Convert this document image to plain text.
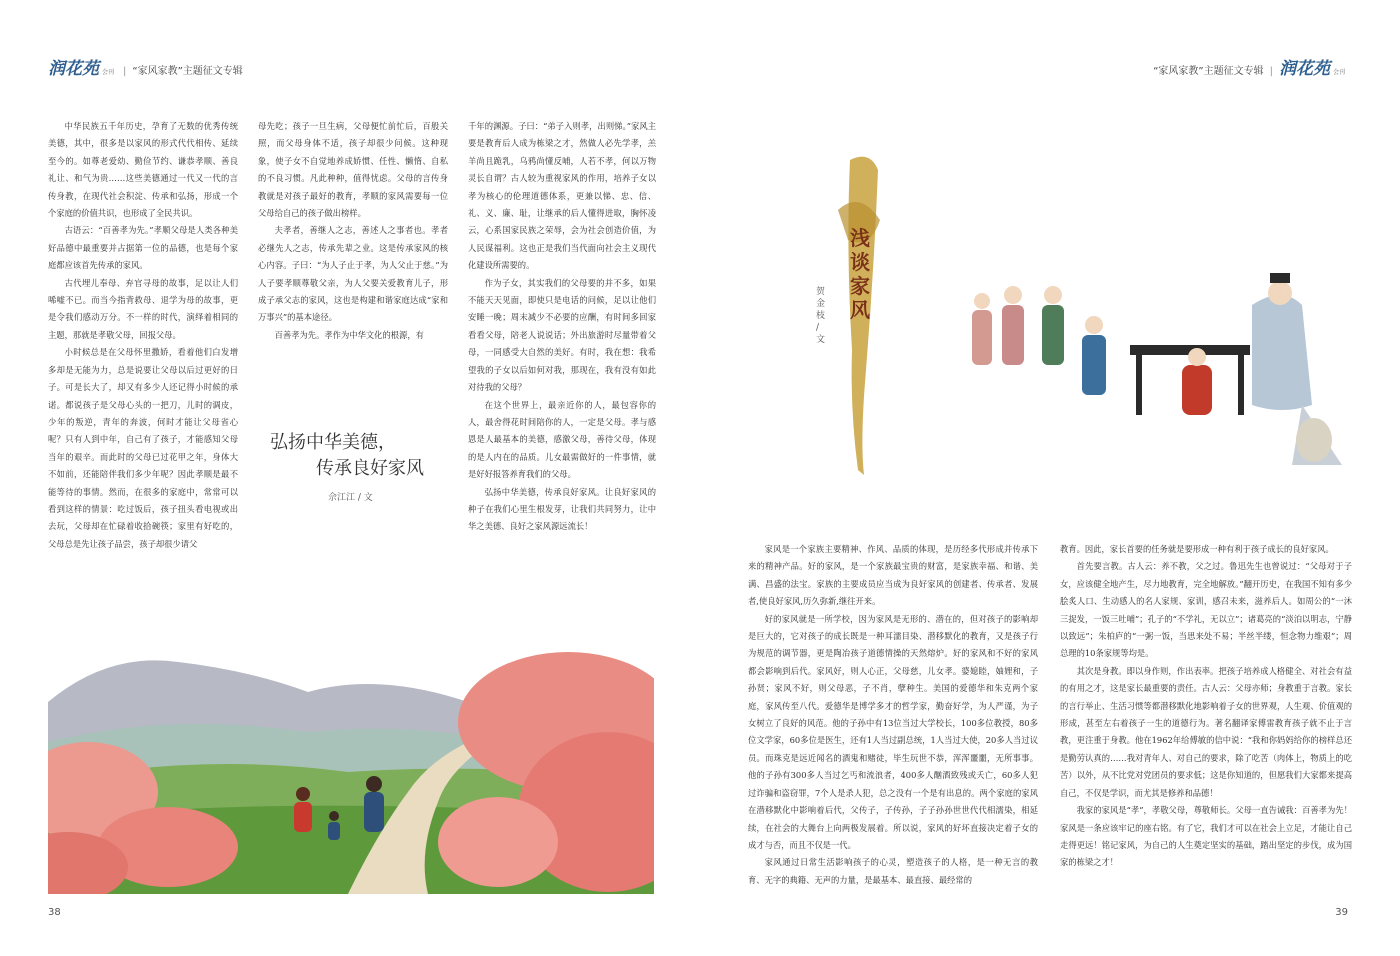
润花苑 会刊 | “家风家教”主题征文专辑	“家风家教”主题征文专辑 | 润花苑 会刊

中华民族五千年历史，孕育了无数的优秀传统美德，其中，很多是以家风的形式代代相传、延续至今的。如尊老爱幼、勤俭节约、谦恭孝顺、善良礼让、和气为贵……这些美德通过一代又一代的言传身教，在现代社会积淀、传承和弘扬，形成一个个家庭的价值共识，也形成了全民共识。

古语云：“百善孝为先。”孝顺父母是人类各种美好品德中最重要并占据第一位的品德，也是每个家庭都应该首先传承的家风。

古代埋儿奉母、弃官寻母的故事，足以让人们唏嘘不已。而当今指背救母、退学为母的故事，更是令我们感动万分。不一样的时代，演绎着相同的主题，那就是孝敬父母，回报父母。

小时候总是在父母怀里撒娇，看着他们白发增多却是无能为力，总是说要让父母以后过更好的日子。可是长大了，却又有多少人还记得小时候的承诺。都说孩子是父母心头的一把刀，儿时的调皮，少年的叛逆，青年的奔波，何时才能让父母省心呢？只有人到中年，自己有了孩子，才能感知父母当年的艰辛。而此时的父母已过花甲之年，身体大不如前，还能陪伴我们多少年呢？因此孝顺是最不能等待的事情。然而，在很多的家庭中，常常可以看到这样的情景：吃过饭后，孩子扭头看电视或出去玩，父母却在忙碌着收拾碗筷；家里有好吃的，父母总是先让孩子品尝，孩子却很少请父

母先吃；孩子一旦生病，父母便忙前忙后，百般关照，而父母身体不适，孩子却很少问候。这种现象，使子女不自觉地养成娇惯、任性、懒惰、自私的不良习惯。凡此种种，值得忧虑。父母的言传身教就是对孩子最好的教育，孝顺的家风需要每一位父母给自己的孩子做出榜样。

夫孝者，善继人之志，善述人之事者也。孝者必继先人之志，传承先辈之业。这是传承家风的核心内容。子曰：“为人子止于孝，为人父止于慈。”为人子要孝顺尊敬父亲，为人父要关爱教育儿子，形成子承父志的家风，这也是构建和谐家庭达成“家和万事兴”的基本途径。

百善孝为先。孝作为中华文化的根源，有

千年的渊源。子曰：“弟子入则孝，出则悌。”家风主要是教育后人成为栋梁之才，然做人必先学孝，羔羊尚且跪乳，乌鸦尚懂反哺，人若不孝，何以万物灵长自谓？古人较为重视家风的作用，培养子女以孝为核心的伦理道德体系，更兼以悌、忠、信、礼、义、廉、耻，让继承的后人懂得进取，胸怀凌云，心系国家民族之荣辱，会为社会创造价值，为人民谋福利。这也正是我们当代面向社会主义现代化建设所需要的。

作为子女，其实我们的父母要的并不多，如果不能天天见面，即使只是电话的问候，足以让他们安睡一晚；周末减少不必要的应酬，有时间多回家看看父母，陪老人说说话；外出旅游时尽量带着父母，一同感受大自然的美好。有时，我在想：我希望我的子女以后如何对我，那现在，我有没有如此对待我的父母？

在这个世界上，最亲近你的人，最包容你的人，最舍得花时间陪你的人，一定是父母。孝与感恩是人最基本的美德，感激父母，善待父母，体现的是人内在的品质。儿女最需做好的一件事情，就是好好报答养育我们的父母。

弘扬中华美德，传承良好家风。让良好家风的种子在我们心里生根发芽，让我们共同努力，让中华之美德、良好之家风源远流长！

弘扬中华美德，
传承良好家风
佘江江 / 文
浅谈家风
贺金枝 / 文

家风是一个家族主要精神、作风、品质的体现，是历经多代形成并传承下来的精神产品。好的家风，是一个家族最宝贵的财富，是家族幸福、和谐、美满、昌盛的法宝。家族的主要成员应当成为良好家风的创建者、传承者、发展者,使良好家风,历久弥新,继往开来。

好的家风就是一所学校，因为家风是无形的、潜在的，但对孩子的影响却是巨大的，它对孩子的成长既是一种耳濡目染、潜移默化的教育，又是孩子行为规范的调节器，更是陶冶孩子道德情操的天然熔炉。好的家风和不好的家风都会影响到后代。家风好，则人心正，父母慈，儿女孝。婆媳睦，妯娌和，子孙贤；家风不好，则父母恶，子不肖，孽种生。美国的爱德华和朱克两个家庭，家风传至八代。爱德华是博学多才的哲学家，勤奋好学，为人严谨，为子女树立了良好的风范。他的子孙中有13位当过大学校长，100多位教授，80多位文学家，60多位是医生，还有1人当过副总统，1人当过大使，20多人当过议员。而珠克是远近闻名的酒鬼和赌徒，毕生玩世不恭，浑浑噩噩，无所事事。他的子孙有300多人当过乞丐和流浪者，400多人酗酒致残或夭亡，60多人犯过诈骗和盗窃罪，7个人是杀人犯，总之没有一个是有出息的。两个家庭的家风在潜移默化中影响着后代，父传子，子传孙，子子孙孙世世代代相濡染，相延续，在社会的大舞台上向两极发展着。所以说，家风的好坏直接决定着子女的成才与否，而且不仅是一代。

家风通过日常生活影响孩子的心灵，塑造孩子的人格，是一种无言的教育、无字的典籍、无声的力量，是最基本、最直接、最经常的

教育。因此，家长首要的任务就是要形成一种有利于孩子成长的良好家风。

首先要言教。古人云：养不教，父之过。鲁迅先生也曾说过：“父母对于子女，应该健全地产生，尽力地教育，完全地解放。”翻开历史，在我国不知有多少脍炙人口、生动感人的名人家规、家训，感召未来，滋养后人。如周公的“一沐三捉发，一饭三吐哺”；孔子的“不学礼，无以立”；诸葛亮的“淡泊以明志，宁静以致远”；朱柏庐的“一粥一饭，当思来处不易；半丝半缕，恒念物力维艰”；周总理的10条家规等均是。

其次是身教。即以身作则，作出表率。把孩子培养成人格健全、对社会有益的有用之才，这是家长最重要的责任。古人云：父母亦师；身教重于言教。家长的言行举止、生活习惯等都潜移默化地影响着子女的世界观，人生观、价值观的形成，甚至左右着孩子一生的道德行为。著名翻译家傅雷教育孩子就不止于言教，更注重于身教。他在1962年给傅敏的信中说：“我和你妈妈给你的榜样总还是勤劳认真的……我对青年人、对自己的要求，除了吃苦（肉体上，物质上的吃苦）以外，从不比党对党团员的要求低；这是你知道的，但愿我们大家都来提高自己，不仅是学识，而尤其是修养和品德！

我家的家风是“孝”，孝敬父母，尊敬师长。父母一直告诫我：百善孝为先！家风是一条应该牢记的座右铭。有了它，我们才可以在社会上立足，才能让自己走得更远！铭记家风，为自己的人生奠定坚实的基础，踏出坚定的步伐，成为国家的栋梁之才！

38	39
